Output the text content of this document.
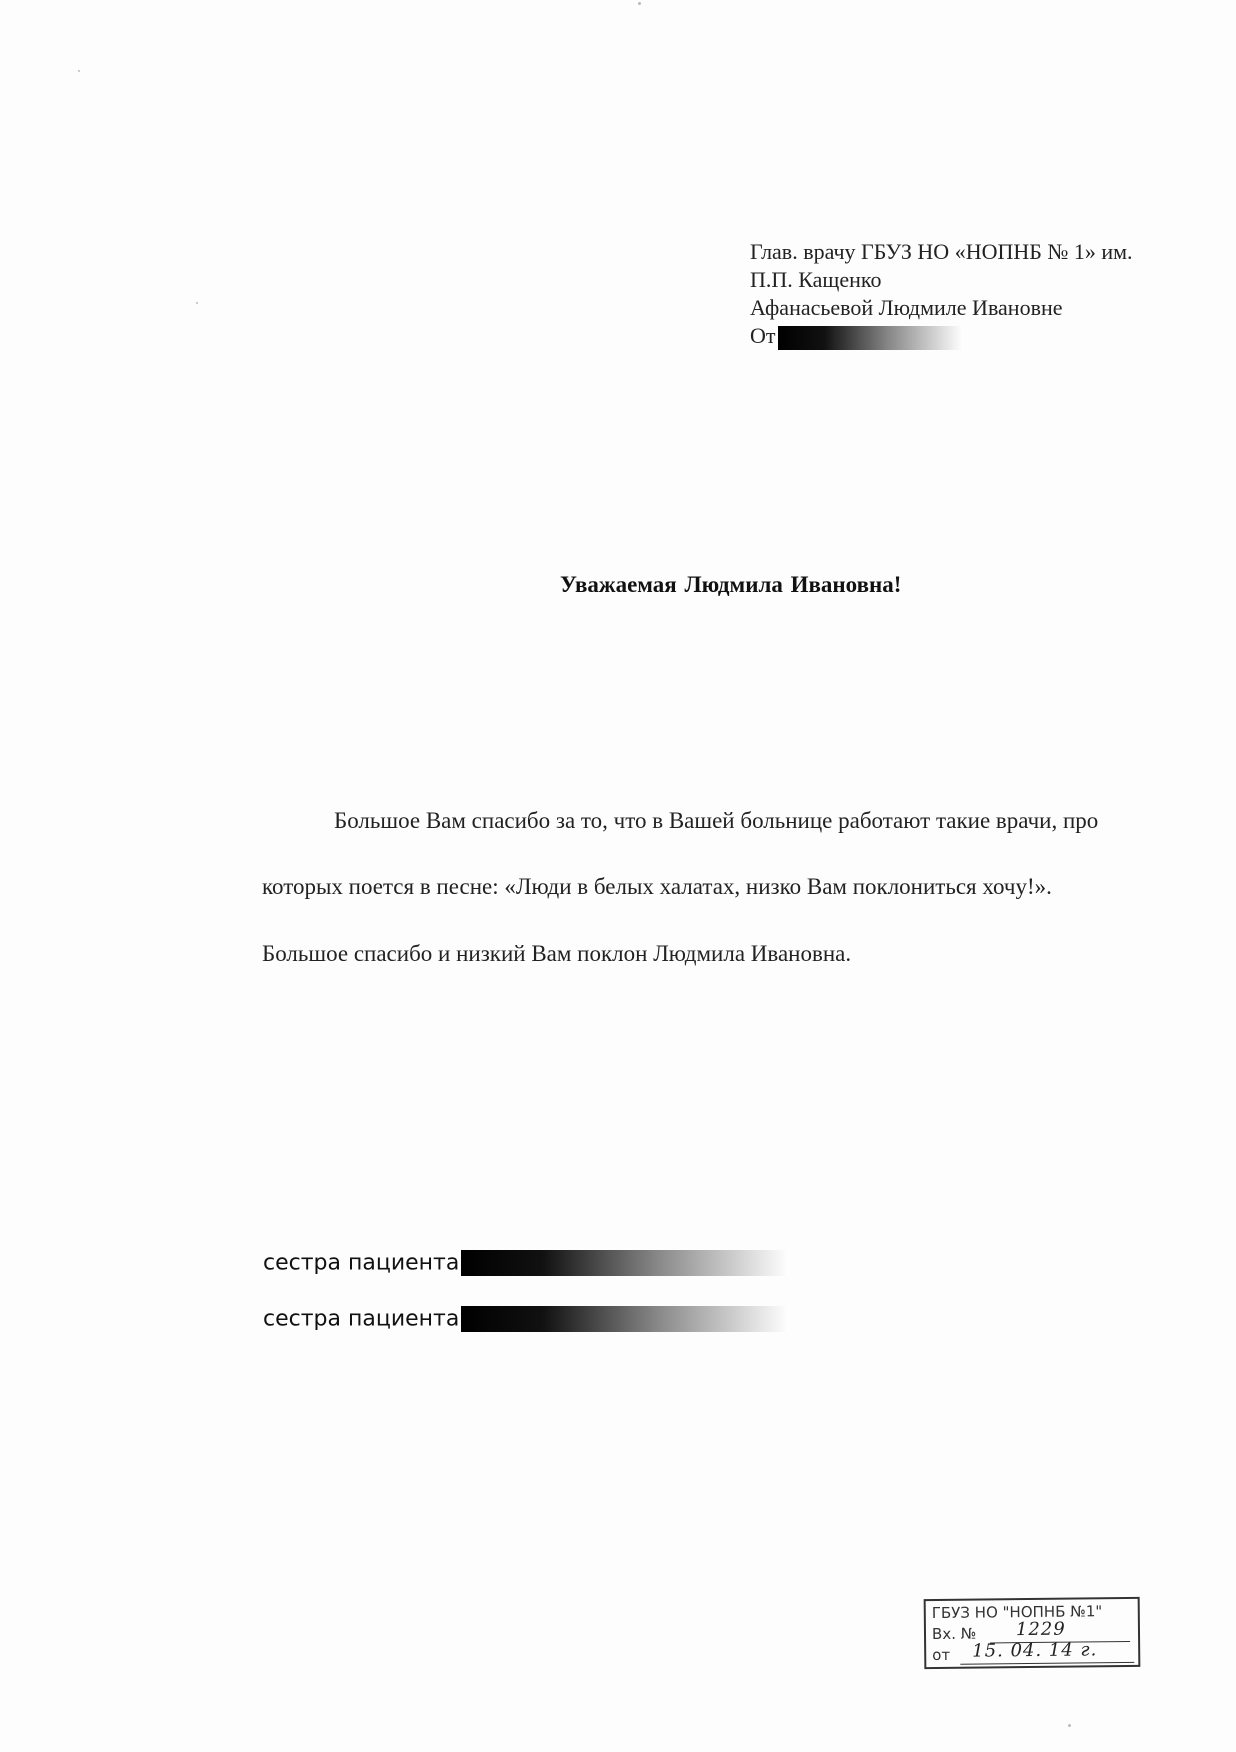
Глав. врачу ГБУЗ НО «НОПНБ № 1» им.
П.П. Кащенко
Афанасьевой Людмиле Ивановне
От
Уважаемая Людмила Ивановна!

Большое Вам спасибо за то, что в Вашей больнице работают такие врачи, про которых поется в песне: «Люди в белых халатах, низко Вам поклониться хочу!».

Большое спасибо и низкий Вам поклон Людмила Ивановна.

сестра пациента
сестра пациента
ГБУЗ НО "НОПНБ №1"
Вх. № 1229
от 15. 04. 14 г.
